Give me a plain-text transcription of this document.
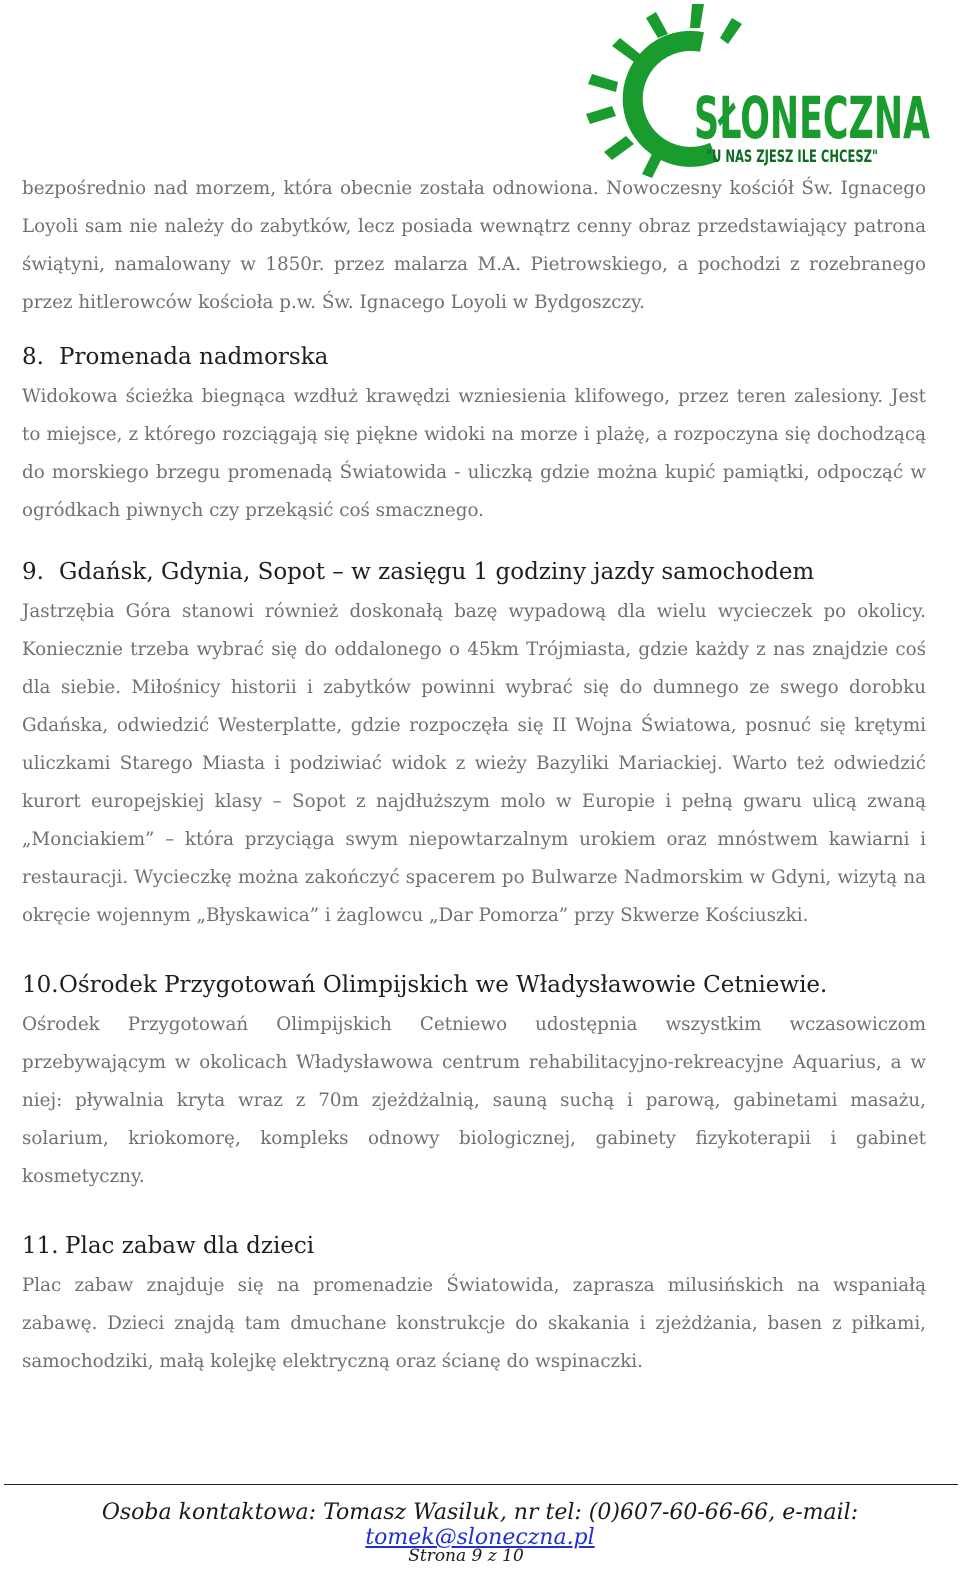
SŁONECZNA
"U NAS ZJESZ ILE CHCESZ"

bezpośrednio nad morzem, która obecnie została odnowiona. Nowoczesny kościół Św. Ignacego Loyoli sam nie należy do zabytków, lecz posiada wewnątrz cenny obraz przedstawiający patrona świątyni, namalowany w 1850r. przez malarza M.A. Pietrowskiego, a pochodzi z rozebranego przez hitlerowców kościoła p.w. Św. Ignacego Loyoli w Bydgoszczy.

8. Promenada nadmorska

Widokowa ścieżka biegnąca wzdłuż krawędzi wzniesienia klifowego, przez teren zalesiony. Jest to miejsce, z którego rozciągają się piękne widoki na morze i plażę, a rozpoczyna się dochodzącą do morskiego brzegu promenadą Światowida - uliczką gdzie można kupić pamiątki, odpocząć w ogródkach piwnych czy przekąsić coś smacznego.

9. Gdańsk, Gdynia, Sopot – w zasięgu 1 godziny jazdy samochodem

Jastrzębia Góra stanowi również doskonałą bazę wypadową dla wielu wycieczek po okolicy. Koniecznie trzeba wybrać się do oddalonego o 45km Trójmiasta, gdzie każdy z nas znajdzie coś dla siebie. Miłośnicy historii i zabytków powinni wybrać się do dumnego ze swego dorobku Gdańska, odwiedzić Westerplatte, gdzie rozpoczęła się II Wojna Światowa, posnuć się krętymi uliczkami Starego Miasta i podziwiać widok z wieży Bazyliki Mariackiej. Warto też odwiedzić kurort europejskiej klasy – Sopot z najdłuższym molo w Europie i pełną gwaru ulicą zwaną „Monciakiem” – która przyciąga swym niepowtarzalnym urokiem oraz mnóstwem kawiarni i restauracji. Wycieczkę można zakończyć spacerem po Bulwarze Nadmorskim w Gdyni, wizytą na okręcie wojennym „Błyskawica” i żaglowcu „Dar Pomorza” przy Skwerze Kościuszki.

10.Ośrodek Przygotowań Olimpijskich we Władysławowie Cetniewie.

Ośrodek Przygotowań Olimpijskich Cetniewo udostępnia wszystkim wczasowiczom przebywającym w okolicach Władysławowa centrum rehabilitacyjno-rekreacyjne Aquarius, a w niej: pływalnia kryta wraz z 70m zjeżdżalnią, sauną suchą i parową, gabinetami masażu, solarium, kriokomorę, kompleks odnowy biologicznej, gabinety fizykoterapii i gabinet kosmetyczny.

11. Plac zabaw dla dzieci

Plac zabaw znajduje się na promenadzie Światowida, zaprasza milusińskich na wspaniałą zabawę. Dzieci znajdą tam dmuchane konstrukcje do skakania i zjeżdżania, basen z piłkami, samochodziki, małą kolejkę elektryczną oraz ścianę do wspinaczki.

Osoba kontaktowa: Tomasz Wasiluk, nr tel: (0)607-60-66-66, e-mail: tomek@sloneczna.pl
Strona 9 z 10
